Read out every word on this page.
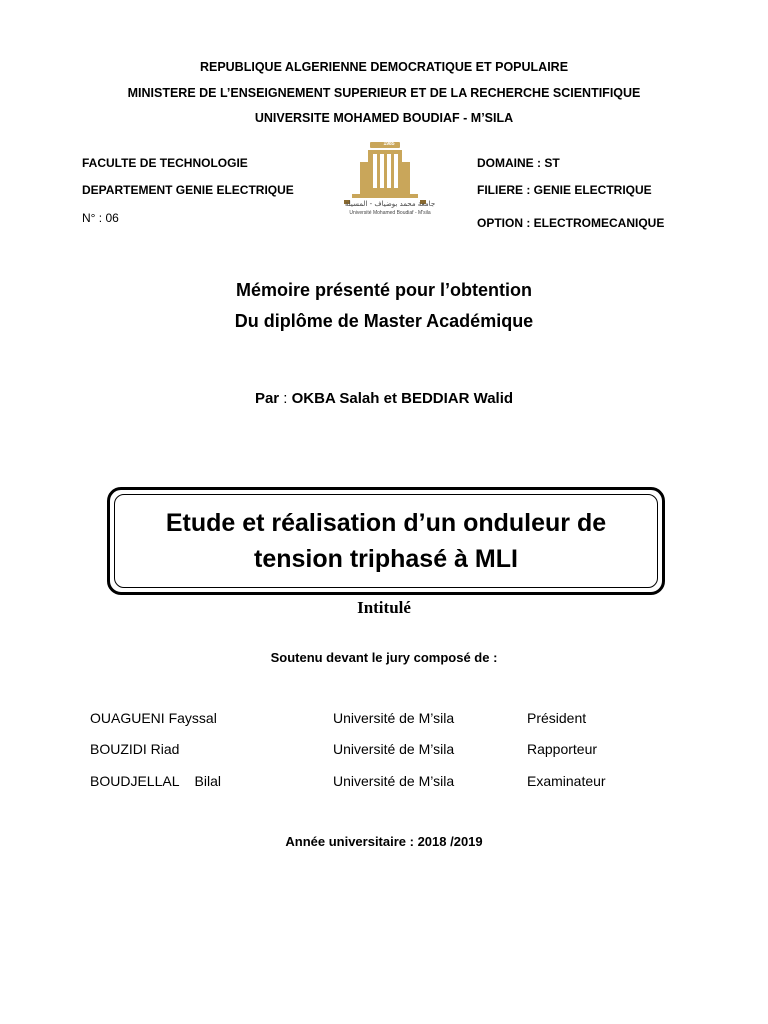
REPUBLIQUE ALGERIENNE DEMOCRATIQUE ET POPULAIRE
MINISTERE DE L’ENSEIGNEMENT SUPERIEUR ET DE LA RECHERCHE SCIENTIFIQUE
UNIVERSITE MOHAMED BOUDIAF - M’SILA
FACULTE DE TECHNOLOGIE
DEPARTEMENT GENIE ELECTRIQUE
N° : 06
1985
جامعة محمد بوضياف - المسيلة
Université Mohamed Boudiaf - M'sila
DOMAINE : ST
FILIERE : GENIE ELECTRIQUE
OPTION : ELECTROMECANIQUE
Mémoire présenté pour l’obtention
Du diplôme de Master Académique
Par : OKBA Salah et BEDDIAR Walid
Etude et réalisation d’un onduleur de
tension triphasé à MLI
Intitulé
Soutenu devant le jury composé de :
OUAGUENI Fayssal	Université de M’sila	Président
BOUZIDI Riad	Université de M’sila	Rapporteur
BOUDJELLAL    Bilal	Université de M’sila	Examinateur
Année universitaire : 2018 /2019
